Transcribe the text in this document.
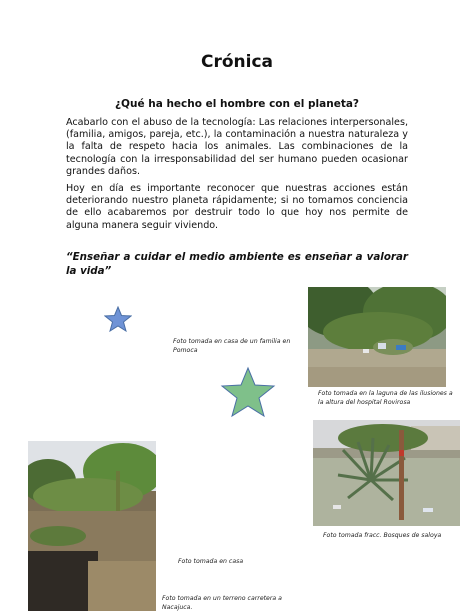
Crónica
¿Qué ha hecho el hombre con el planeta?
Acabarlo con el abuso de la tecnología: Las relaciones interpersonales, (familia, amigos, pareja, etc.), la contaminación a nuestra naturaleza y la falta de respeto hacia los animales. Las combinaciones de la tecnología con la irresponsabilidad del ser humano pueden ocasionar grandes daños.
Hoy en día es importante reconocer que nuestras acciones están deteriorando nuestro planeta rápidamente; si no tomamos conciencia de ello acabaremos por destruir todo lo que hoy nos permite de alguna manera seguir viviendo.
“Enseñar a cuidar el medio ambiente es enseñar a valorar la vida”
Foto tomada en la laguna de las ilusiones a la altura del hospital Rovirosa
Foto tomada en casa de un familia en Pomoca
Foto tomada fracc. Bosques de saloya
Foto tomada en casa
Foto tomada en un terreno carretera a Nacajuca.
